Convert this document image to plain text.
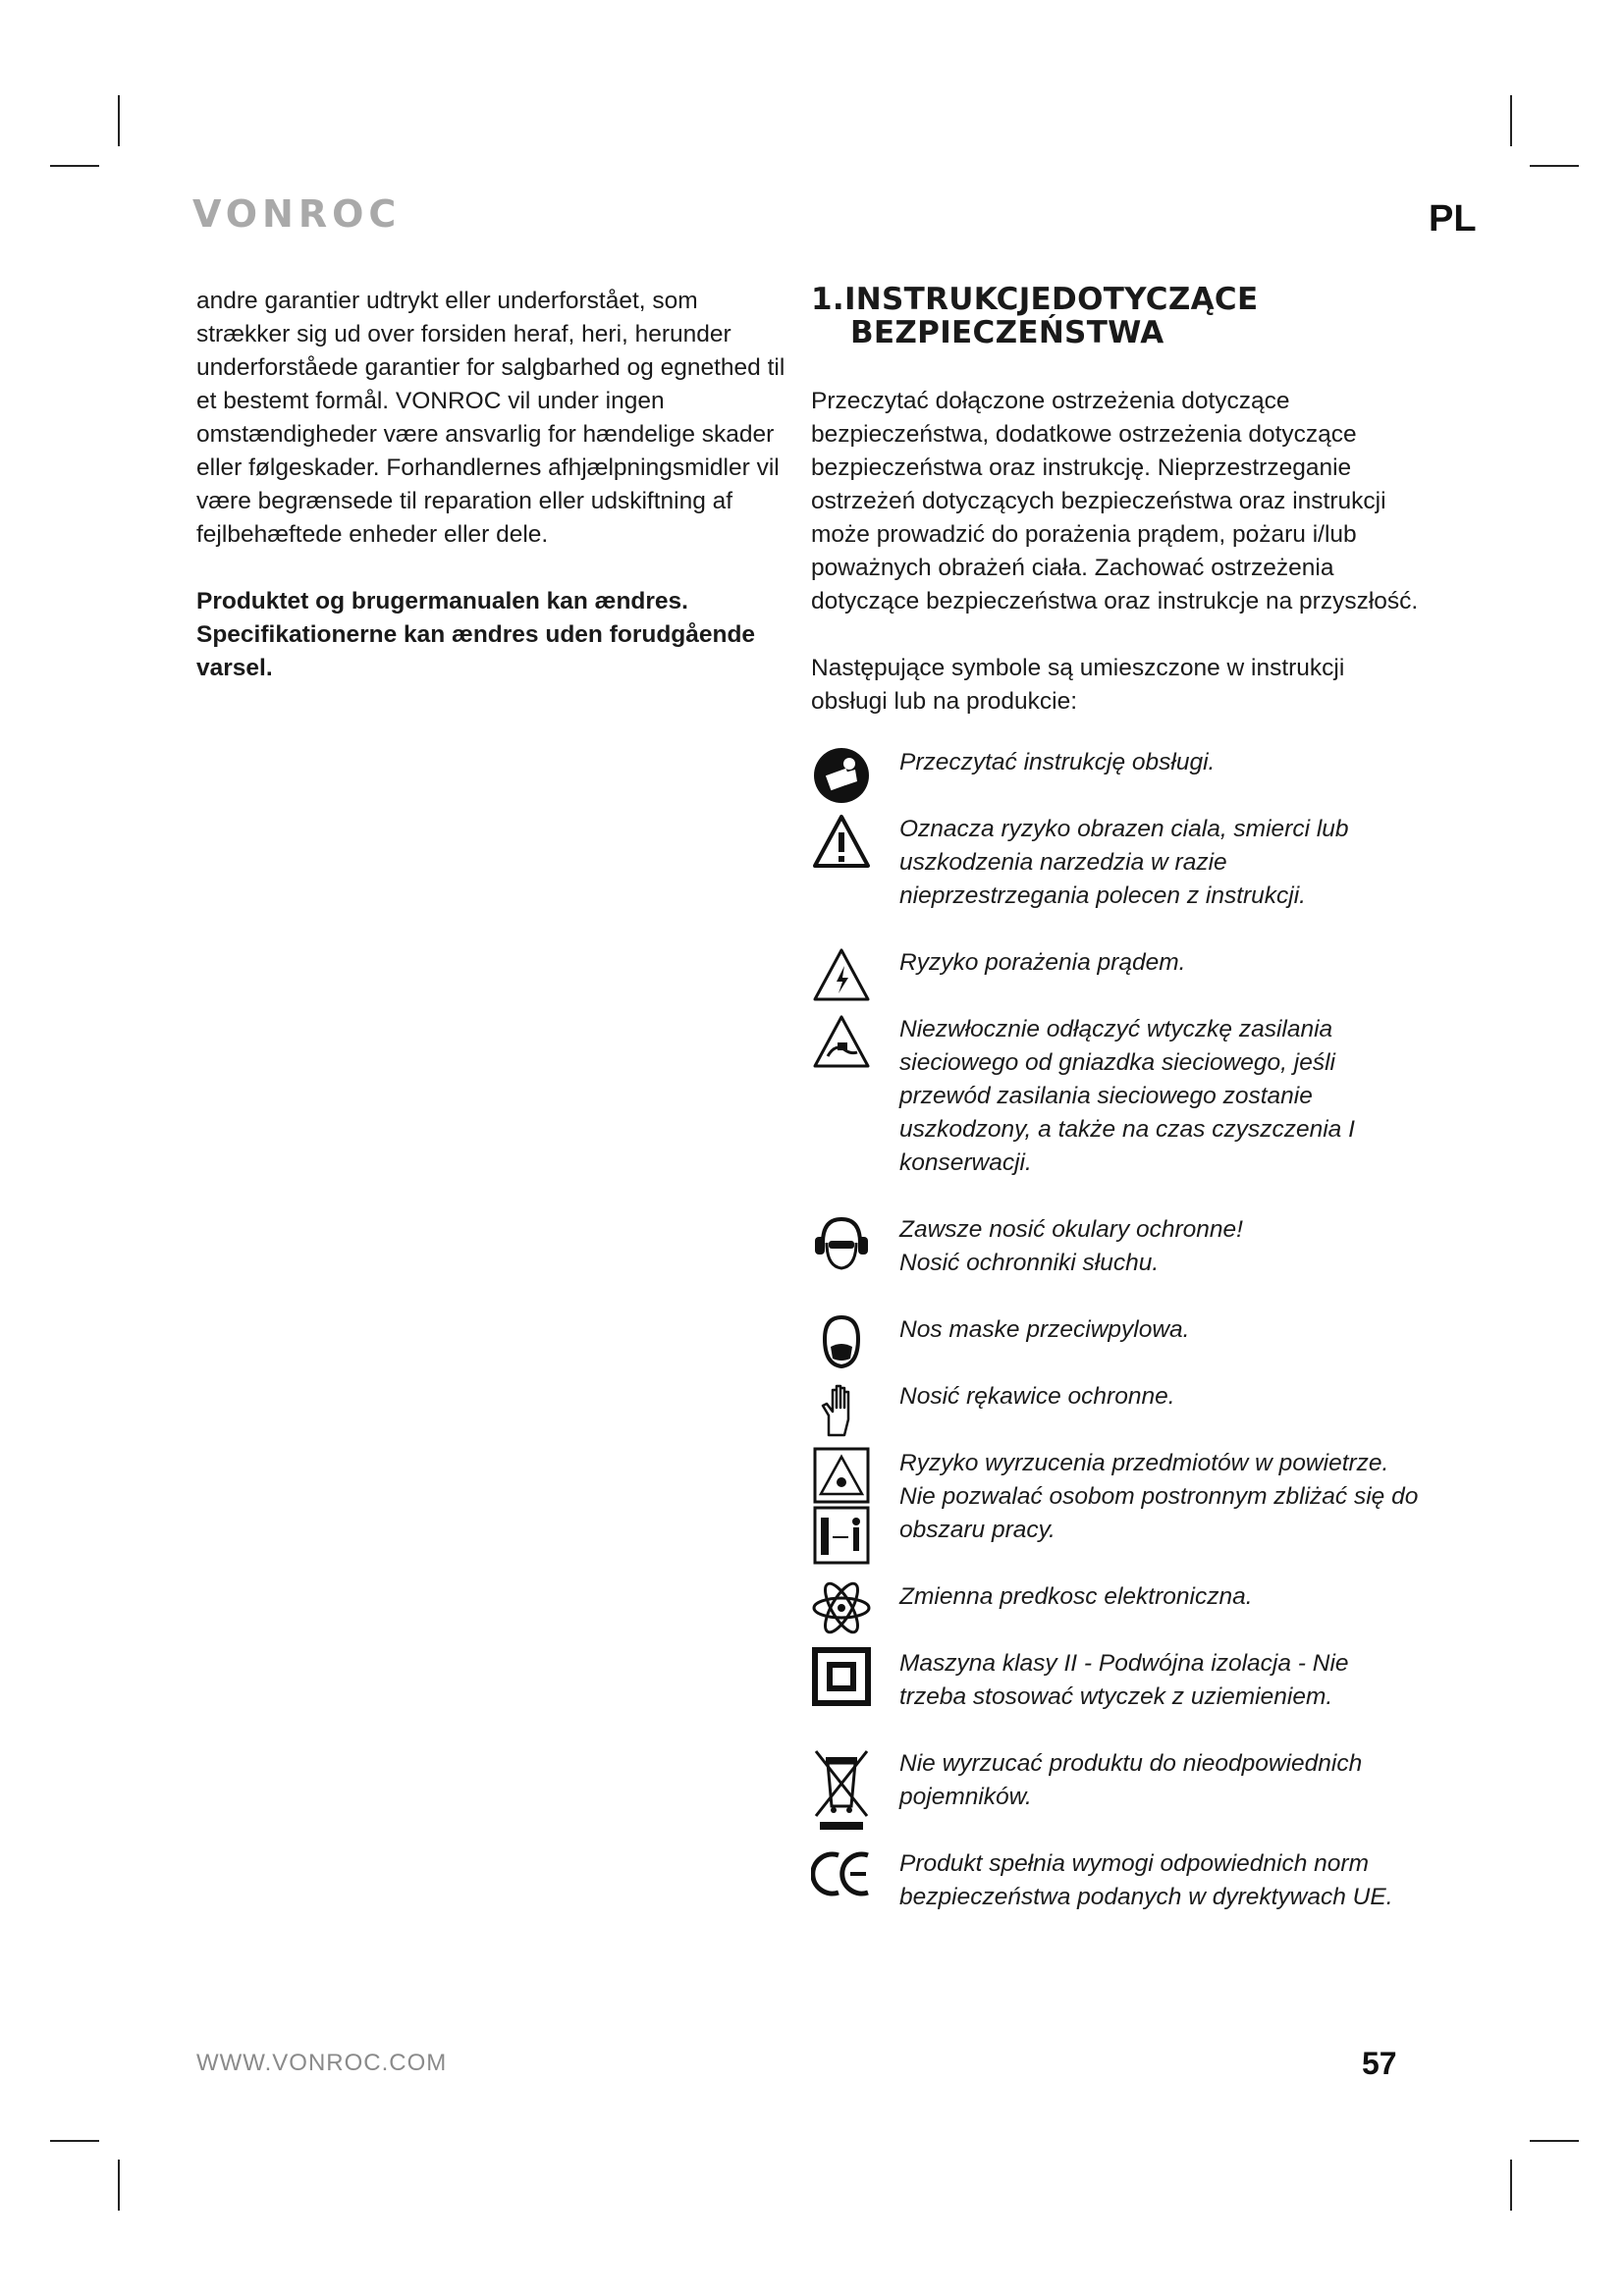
VONROC	PL

andre garantier udtrykt eller underforstået, som strækker sig ud over forsiden heraf, heri, herunder underforståede garantier for salgbarhed og egnethed til et bestemt formål. VONROC vil under ingen omstændigheder være ansvarlig for hændelige skader eller følgeskader. Forhandlernes afhjælpningsmidler vil være begrænsede til reparation eller udskiftning af fejlbehæftede enheder eller dele.

Produktet og brugermanualen kan ændres. Specifikationerne kan ændres uden forudgående varsel.

1.INSTRUKCJEDOTYCZĄCE
BEZPIECZEŃSTWA

Przeczytać dołączone ostrzeżenia dotyczące bezpieczeństwa, dodatkowe ostrzeżenia dotyczące bezpieczeństwa oraz instrukcję. Nieprzestrzeganie ostrzeżeń dotyczących bezpieczeństwa oraz instrukcji może prowadzić do porażenia prądem, pożaru i/lub poważnych obrażeń ciała. Zachować ostrzeżenia dotyczące bezpieczeństwa oraz instrukcje na przyszłość.

Następujące symbole są umieszczone w instrukcji obsługi lub na produkcie:

Przeczytać instrukcję obsługi.
Oznacza ryzyko obrazen ciala, smierci lub uszkodzenia narzedzia w razie nieprzestrzegania polecen z instrukcji.
Ryzyko porażenia prądem.
Niezwłocznie odłączyć wtyczkę zasilania sieciowego od gniazdka sieciowego, jeśli przewód zasilania sieciowego zostanie uszkodzony, a także na czas czyszczenia I konserwacji.
Zawsze nosić okulary ochronne!
Nosić ochronniki słuchu.
Nos maske przeciwpylowa.
Nosić rękawice ochronne.
Ryzyko wyrzucenia przedmiotów w powietrze. Nie pozwalać osobom postronnym zbliżać się do obszaru pracy.
Zmienna predkosc elektroniczna.
Maszyna klasy II - Podwójna izolacja - Nie trzeba stosować wtyczek z uziemieniem.
Nie wyrzucać produktu do nieodpowiednich pojemników.
Produkt spełnia wymogi odpowiednich norm bezpieczeństwa podanych w dyrektywach UE.
WWW.VONROC.COM	57
